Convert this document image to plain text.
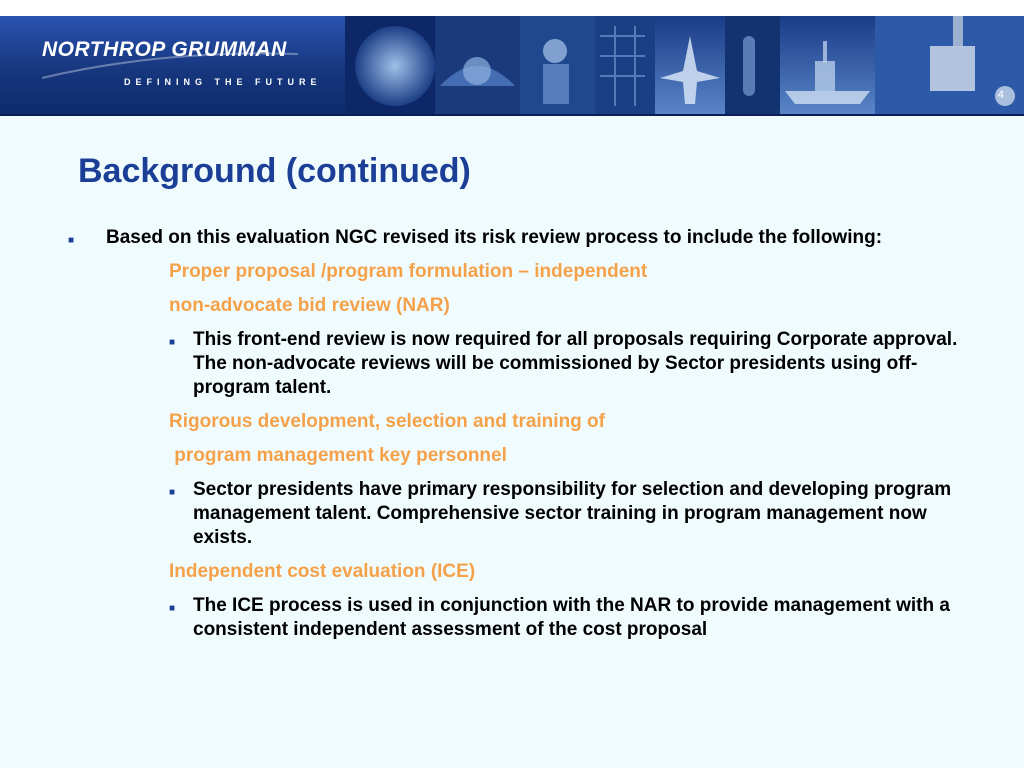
NORTHROP GRUMMAN
DEFINING THE FUTURE
4
Background (continued)
■ Based on this evaluation NGC revised its risk review process to include the following:
Proper proposal /program formulation – independent
non-advocate bid review (NAR)
■ This front-end review is now required for all proposals requiring Corporate approval. The non-advocate reviews will be commissioned by Sector presidents using off-program talent.
Rigorous development, selection and training of
program management key personnel
■ Sector presidents have primary responsibility for selection and developing program management talent. Comprehensive sector training in program management now exists.
Independent cost evaluation (ICE)
■ The ICE process is used in conjunction with the NAR to provide management with a consistent independent assessment of the cost proposal
